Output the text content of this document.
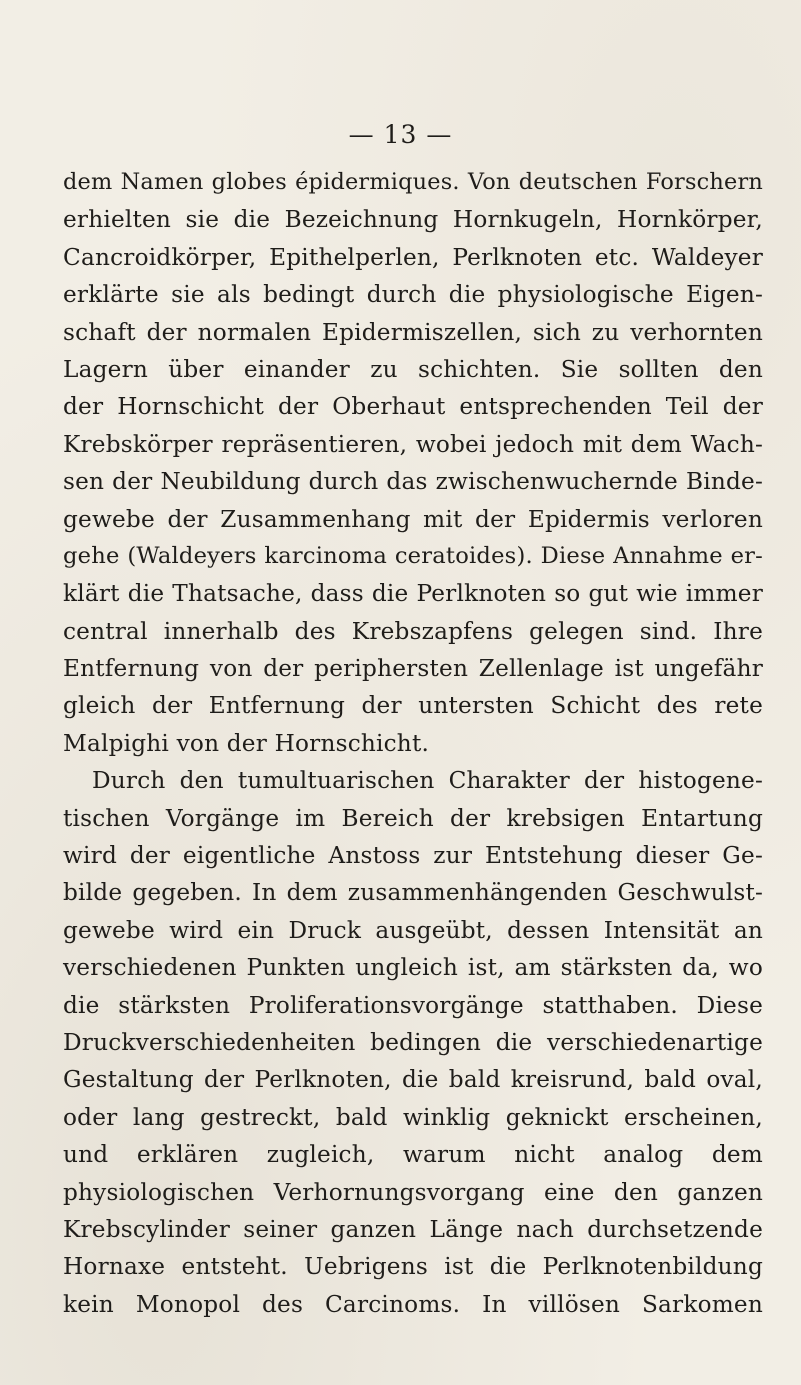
— 13 —
dem Namen globes épidermiques. Von deutschen Forschern
erhielten sie die Bezeichnung Hornkugeln, Hornkörper,
Cancroidkörper, Epithelperlen, Perlknoten etc. Waldeyer
erklärte sie als bedingt durch die physiologische Eigen-
schaft der normalen Epidermiszellen, sich zu verhornten
Lagern über einander zu schichten. Sie sollten den
der Hornschicht der Oberhaut entsprechenden Teil der
Krebskörper repräsentieren, wobei jedoch mit dem Wach-
sen der Neubildung durch das zwischenwuchernde Binde-
gewebe der Zusammenhang mit der Epidermis verloren
gehe (Waldeyers karcinoma ceratoides). Diese Annahme er-
klärt die Thatsache, dass die Perlknoten so gut wie immer
central innerhalb des Krebszapfens gelegen sind. Ihre
Entfernung von der periphersten Zellenlage ist ungefähr
gleich der Entfernung der untersten Schicht des rete
Malpighi von der Hornschicht.
Durch den tumultuarischen Charakter der histogene-
tischen Vorgänge im Bereich der krebsigen Entartung
wird der eigentliche Anstoss zur Entstehung dieser Ge-
bilde gegeben. In dem zusammenhängenden Geschwulst-
gewebe wird ein Druck ausgeübt, dessen Intensität an
verschiedenen Punkten ungleich ist, am stärksten da, wo
die stärksten Proliferationsvorgänge statthaben. Diese
Druckverschiedenheiten bedingen die verschiedenartige
Gestaltung der Perlknoten, die bald kreisrund, bald oval,
oder lang gestreckt, bald winklig geknickt erscheinen,
und erklären zugleich, warum nicht analog dem
physiologischen Verhornungsvorgang eine den ganzen
Krebscylinder seiner ganzen Länge nach durchsetzende
Hornaxe entsteht. Uebrigens ist die Perlknotenbildung
kein Monopol des Carcinoms. In villösen Sarkomen
